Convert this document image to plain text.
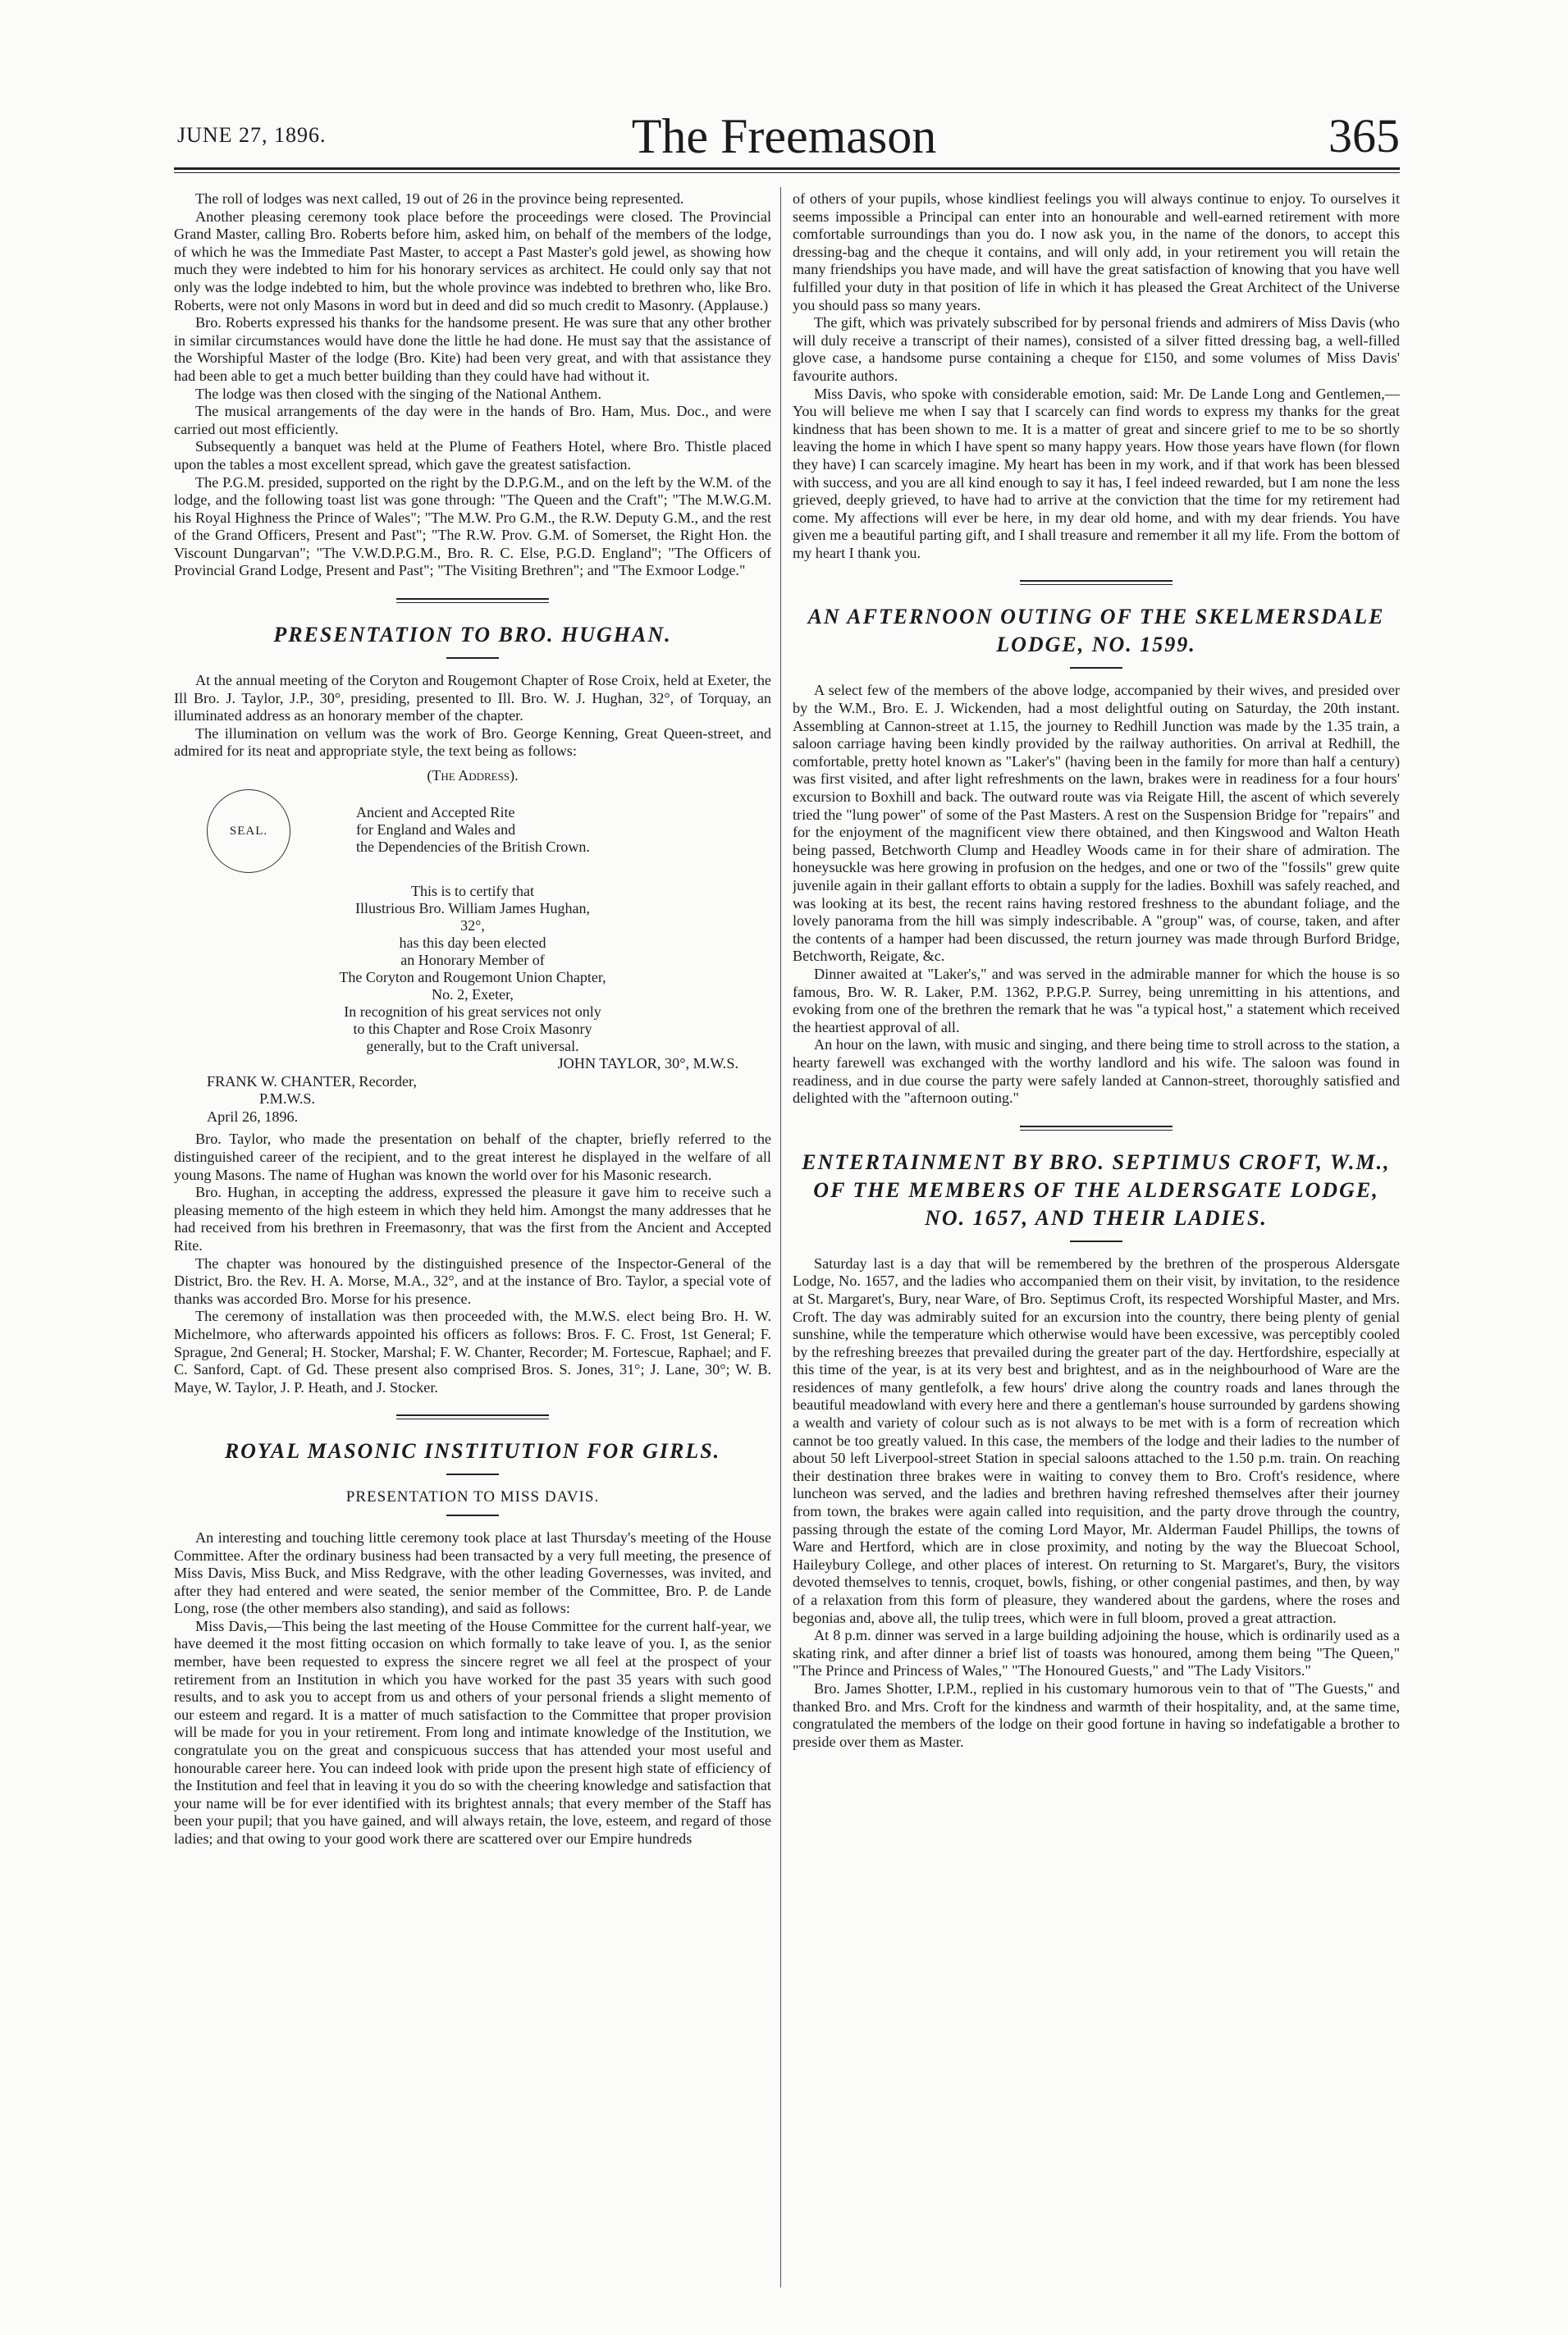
JUNE 27, 1896.	The Freemason	365

The roll of lodges was next called, 19 out of 26 in the province being represented.

Another pleasing ceremony took place before the proceedings were closed. The Provincial Grand Master, calling Bro. Roberts before him, asked him, on behalf of the members of the lodge, of which he was the Immediate Past Master, to accept a Past Master's gold jewel, as showing how much they were indebted to him for his honorary services as architect. He could only say that not only was the lodge indebted to him, but the whole province was indebted to brethren who, like Bro. Roberts, were not only Masons in word but in deed and did so much credit to Masonry. (Applause.)

Bro. Roberts expressed his thanks for the handsome present. He was sure that any other brother in similar circumstances would have done the little he had done. He must say that the assistance of the Worshipful Master of the lodge (Bro. Kite) had been very great, and with that assistance they had been able to get a much better building than they could have had without it.

The lodge was then closed with the singing of the National Anthem.

The musical arrangements of the day were in the hands of Bro. Ham, Mus. Doc., and were carried out most efficiently.

Subsequently a banquet was held at the Plume of Feathers Hotel, where Bro. Thistle placed upon the tables a most excellent spread, which gave the greatest satisfaction.

The P.G.M. presided, supported on the right by the D.P.G.M., and on the left by the W.M. of the lodge, and the following toast list was gone through: "The Queen and the Craft"; "The M.W.G.M. his Royal Highness the Prince of Wales"; "The M.W. Pro G.M., the R.W. Deputy G.M., and the rest of the Grand Officers, Present and Past"; "The R.W. Prov. G.M. of Somerset, the Right Hon. the Viscount Dungarvan"; "The V.W.D.P.G.M., Bro. R. C. Else, P.G.D. England"; "The Officers of Provincial Grand Lodge, Present and Past"; "The Visiting Brethren"; and "The Exmoor Lodge."

PRESENTATION TO BRO. HUGHAN.

At the annual meeting of the Coryton and Rougemont Chapter of Rose Croix, held at Exeter, the Ill Bro. J. Taylor, J.P., 30°, presiding, presented to Ill. Bro. W. J. Hughan, 32°, of Torquay, an illuminated address as an honorary member of the chapter.

The illumination on vellum was the work of Bro. George Kenning, Great Queen-street, and admired for its neat and appropriate style, the text being as follows:

(The Address).
SEAL.
Ancient and Accepted Rite
for England and Wales and
the Dependencies of the British Crown.
This is to certify that
Illustrious Bro. William James Hughan,
32°,
has this day been elected
an Honorary Member of
The Coryton and Rougemont Union Chapter,
No. 2, Exeter,
In recognition of his great services not only
to this Chapter and Rose Croix Masonry
generally, but to the Craft universal.
JOHN TAYLOR, 30°, M.W.S.
FRANK W. CHANTER, Recorder,
P.M.W.S.
April 26, 1896.

Bro. Taylor, who made the presentation on behalf of the chapter, briefly referred to the distinguished career of the recipient, and to the great interest he displayed in the welfare of all young Masons. The name of Hughan was known the world over for his Masonic research.

Bro. Hughan, in accepting the address, expressed the pleasure it gave him to receive such a pleasing memento of the high esteem in which they held him. Amongst the many addresses that he had received from his brethren in Freemasonry, that was the first from the Ancient and Accepted Rite.

The chapter was honoured by the distinguished presence of the Inspector-General of the District, Bro. the Rev. H. A. Morse, M.A., 32°, and at the instance of Bro. Taylor, a special vote of thanks was accorded Bro. Morse for his presence.

The ceremony of installation was then proceeded with, the M.W.S. elect being Bro. H. W. Michelmore, who afterwards appointed his officers as follows: Bros. F. C. Frost, 1st General; F. Sprague, 2nd General; H. Stocker, Marshal; F. W. Chanter, Recorder; M. Fortescue, Raphael; and F. C. Sanford, Capt. of Gd. These present also comprised Bros. S. Jones, 31°; J. Lane, 30°; W. B. Maye, W. Taylor, J. P. Heath, and J. Stocker.

ROYAL MASONIC INSTITUTION FOR GIRLS.
PRESENTATION TO MISS DAVIS.

An interesting and touching little ceremony took place at last Thursday's meeting of the House Committee. After the ordinary business had been transacted by a very full meeting, the presence of Miss Davis, Miss Buck, and Miss Redgrave, with the other leading Governesses, was invited, and after they had entered and were seated, the senior member of the Committee, Bro. P. de Lande Long, rose (the other members also standing), and said as follows:

Miss Davis,—This being the last meeting of the House Committee for the current half-year, we have deemed it the most fitting occasion on which formally to take leave of you. I, as the senior member, have been requested to express the sincere regret we all feel at the prospect of your retirement from an Institution in which you have worked for the past 35 years with such good results, and to ask you to accept from us and others of your personal friends a slight memento of our esteem and regard. It is a matter of much satisfaction to the Committee that proper provision will be made for you in your retirement. From long and intimate knowledge of the Institution, we congratulate you on the great and conspicuous success that has attended your most useful and honourable career here. You can indeed look with pride upon the present high state of efficiency of the Institution and feel that in leaving it you do so with the cheering knowledge and satisfaction that your name will be for ever identified with its brightest annals; that every member of the Staff has been your pupil; that you have gained, and will always retain, the love, esteem, and regard of those ladies; and that owing to your good work there are scattered over our Empire hundreds

of others of your pupils, whose kindliest feelings you will always continue to enjoy. To ourselves it seems impossible a Principal can enter into an honourable and well-earned retirement with more comfortable surroundings than you do. I now ask you, in the name of the donors, to accept this dressing-bag and the cheque it contains, and will only add, in your retirement you will retain the many friendships you have made, and will have the great satisfaction of knowing that you have well fulfilled your duty in that position of life in which it has pleased the Great Architect of the Universe you should pass so many years.

The gift, which was privately subscribed for by personal friends and admirers of Miss Davis (who will duly receive a transcript of their names), consisted of a silver fitted dressing bag, a well-filled glove case, a handsome purse containing a cheque for £150, and some volumes of Miss Davis' favourite authors.

Miss Davis, who spoke with considerable emotion, said: Mr. De Lande Long and Gentlemen,—You will believe me when I say that I scarcely can find words to express my thanks for the great kindness that has been shown to me. It is a matter of great and sincere grief to me to be so shortly leaving the home in which I have spent so many happy years. How those years have flown (for flown they have) I can scarcely imagine. My heart has been in my work, and if that work has been blessed with success, and you are all kind enough to say it has, I feel indeed rewarded, but I am none the less grieved, deeply grieved, to have had to arrive at the conviction that the time for my retirement had come. My affections will ever be here, in my dear old home, and with my dear friends. You have given me a beautiful parting gift, and I shall treasure and remember it all my life. From the bottom of my heart I thank you.

AN AFTERNOON OUTING OF THE SKELMERSDALE
LODGE, NO. 1599.

A select few of the members of the above lodge, accompanied by their wives, and presided over by the W.M., Bro. E. J. Wickenden, had a most delightful outing on Saturday, the 20th instant. Assembling at Cannon-street at 1.15, the journey to Redhill Junction was made by the 1.35 train, a saloon carriage having been kindly provided by the railway authorities. On arrival at Redhill, the comfortable, pretty hotel known as "Laker's" (having been in the family for more than half a century) was first visited, and after light refreshments on the lawn, brakes were in readiness for a four hours' excursion to Boxhill and back. The outward route was via Reigate Hill, the ascent of which severely tried the "lung power" of some of the Past Masters. A rest on the Suspension Bridge for "repairs" and for the enjoyment of the magnificent view there obtained, and then Kingswood and Walton Heath being passed, Betchworth Clump and Headley Woods came in for their share of admiration. The honeysuckle was here growing in profusion on the hedges, and one or two of the "fossils" grew quite juvenile again in their gallant efforts to obtain a supply for the ladies. Boxhill was safely reached, and was looking at its best, the recent rains having restored freshness to the abundant foliage, and the lovely panorama from the hill was simply indescribable. A "group" was, of course, taken, and after the contents of a hamper had been discussed, the return journey was made through Burford Bridge, Betchworth, Reigate, &c.

Dinner awaited at "Laker's," and was served in the admirable manner for which the house is so famous, Bro. W. R. Laker, P.M. 1362, P.P.G.P. Surrey, being unremitting in his attentions, and evoking from one of the brethren the remark that he was "a typical host," a statement which received the heartiest approval of all.

An hour on the lawn, with music and singing, and there being time to stroll across to the station, a hearty farewell was exchanged with the worthy landlord and his wife. The saloon was found in readiness, and in due course the party were safely landed at Cannon-street, thoroughly satisfied and delighted with the "afternoon outing."

ENTERTAINMENT BY BRO. SEPTIMUS CROFT, W.M.,
OF THE MEMBERS OF THE ALDERSGATE LODGE,
NO. 1657, AND THEIR LADIES.

Saturday last is a day that will be remembered by the brethren of the prosperous Aldersgate Lodge, No. 1657, and the ladies who accompanied them on their visit, by invitation, to the residence at St. Margaret's, Bury, near Ware, of Bro. Septimus Croft, its respected Worshipful Master, and Mrs. Croft. The day was admirably suited for an excursion into the country, there being plenty of genial sunshine, while the temperature which otherwise would have been excessive, was perceptibly cooled by the refreshing breezes that prevailed during the greater part of the day. Hertfordshire, especially at this time of the year, is at its very best and brightest, and as in the neighbourhood of Ware are the residences of many gentlefolk, a few hours' drive along the country roads and lanes through the beautiful meadowland with every here and there a gentleman's house surrounded by gardens showing a wealth and variety of colour such as is not always to be met with is a form of recreation which cannot be too greatly valued. In this case, the members of the lodge and their ladies to the number of about 50 left Liverpool-street Station in special saloons attached to the 1.50 p.m. train. On reaching their destination three brakes were in waiting to convey them to Bro. Croft's residence, where luncheon was served, and the ladies and brethren having refreshed themselves after their journey from town, the brakes were again called into requisition, and the party drove through the country, passing through the estate of the coming Lord Mayor, Mr. Alderman Faudel Phillips, the towns of Ware and Hertford, which are in close proximity, and noting by the way the Bluecoat School, Haileybury College, and other places of interest. On returning to St. Margaret's, Bury, the visitors devoted themselves to tennis, croquet, bowls, fishing, or other congenial pastimes, and then, by way of a relaxation from this form of pleasure, they wandered about the gardens, where the roses and begonias and, above all, the tulip trees, which were in full bloom, proved a great attraction.

At 8 p.m. dinner was served in a large building adjoining the house, which is ordinarily used as a skating rink, and after dinner a brief list of toasts was honoured, among them being "The Queen," "The Prince and Princess of Wales," "The Honoured Guests," and "The Lady Visitors."

Bro. James Shotter, I.P.M., replied in his customary humorous vein to that of "The Guests," and thanked Bro. and Mrs. Croft for the kindness and warmth of their hospitality, and, at the same time, congratulated the members of the lodge on their good fortune in having so indefatigable a brother to preside over them as Master.
